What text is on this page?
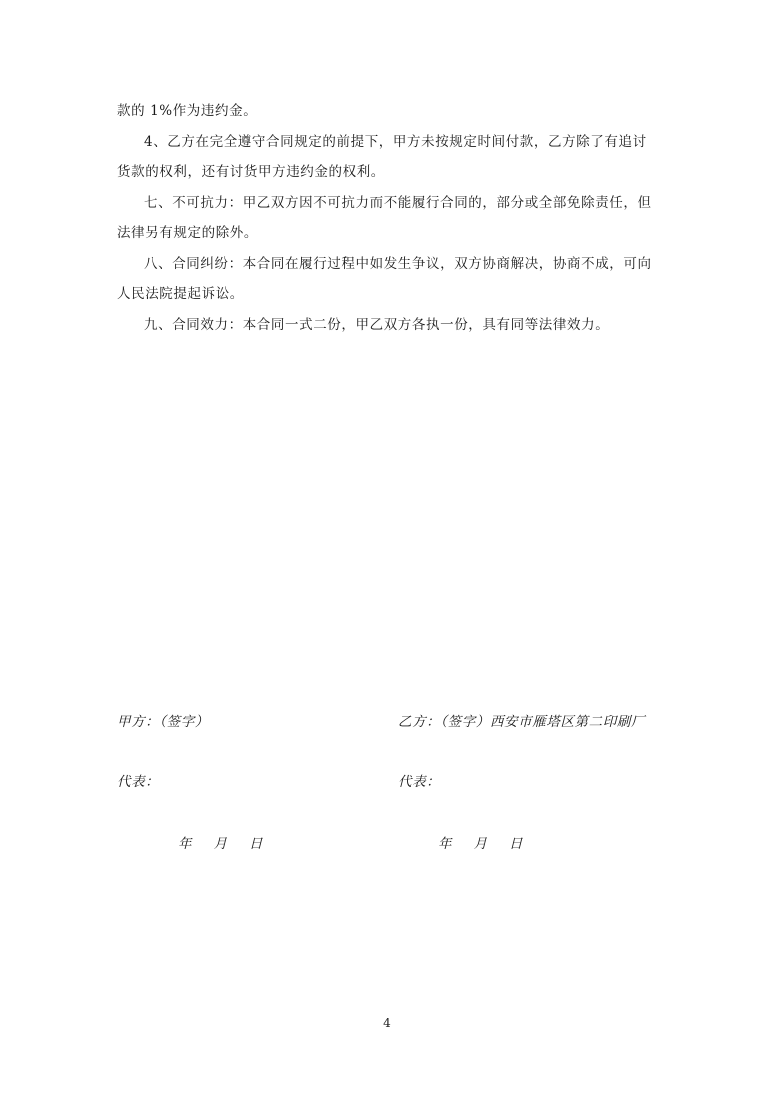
款的 1%作为违约金。

4、乙方在完全遵守合同规定的前提下，甲方未按规定时间付款，乙方除了有追讨货款的权利，还有讨货甲方违约金的权利。

七、不可抗力：甲乙双方因不可抗力而不能履行合同的，部分或全部免除责任，但法律另有规定的除外。

八、合同纠纷：本合同在履行过程中如发生争议，双方协商解决，协商不成，可向人民法院提起诉讼。

九、合同效力：本合同一式二份，甲乙双方各执一份，具有同等法律效力。

甲方：（签字）	乙方：（签字）西安市雁塔区第二印刷厂
代表：	代表：
年 月 日	年 月 日
4
